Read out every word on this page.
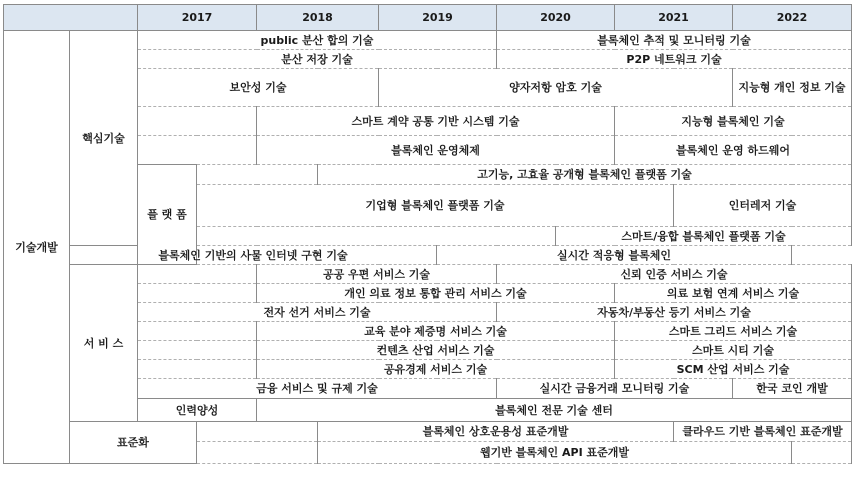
		2017		2018		2019		2020		2021		2022	
기술개발	핵심기술	public 분산 합의 기술						블록체인 추적 및 모니터링 기술					
		분산 저장 기술						P2P 네트워크 기술					
		보안성 기술				양자저항 암호 기술						지능형 개인 정보 기술	
				스마트 계약 공통 기반 시스템 기술						지능형 블록체인 기술			
				블록체인 운영체제						블록체인 운영 하드웨어			
		플 랫 폼			고기능, 고효율 공개형 블록체인 플랫폼 기술								
			기업형 블록체인 플랫폼 기술								인터레저 기술		
									스마트/융합 블록체인 플랫폼 기술				
	블록체인 기반의 사물 인터넷 구현 기술						실시간 적응형 블록체인						
	서 비 스			공공 우편 서비스 기술				신뢰 인증 서비스 기술					
				개인 의료 정보 통합 관리 서비스 기술						의료 보험 연계 서비스 기술			
		전자 선거 서비스 기술						자동차/부동산 등기 서비스 기술					
				교육 분야 제증명 서비스 기술						스마트 그리드 서비스 기술			
				컨텐츠 산업 서비스 기술						스마트 시티 기술			
				공유경제 서비스 기술						SCM 산업 서비스 기술			
		금융 서비스 및 규제 기술						실시간 금융거래 모니터링 기술				한국 코인 개발	
		인력양성		블록체인 전문 기술 센터									
	표준화				블록체인 상호운용성 표준개발						클라우드 기반 블록체인 표준개발		
					웹기반 블록체인 API 표준개발								
